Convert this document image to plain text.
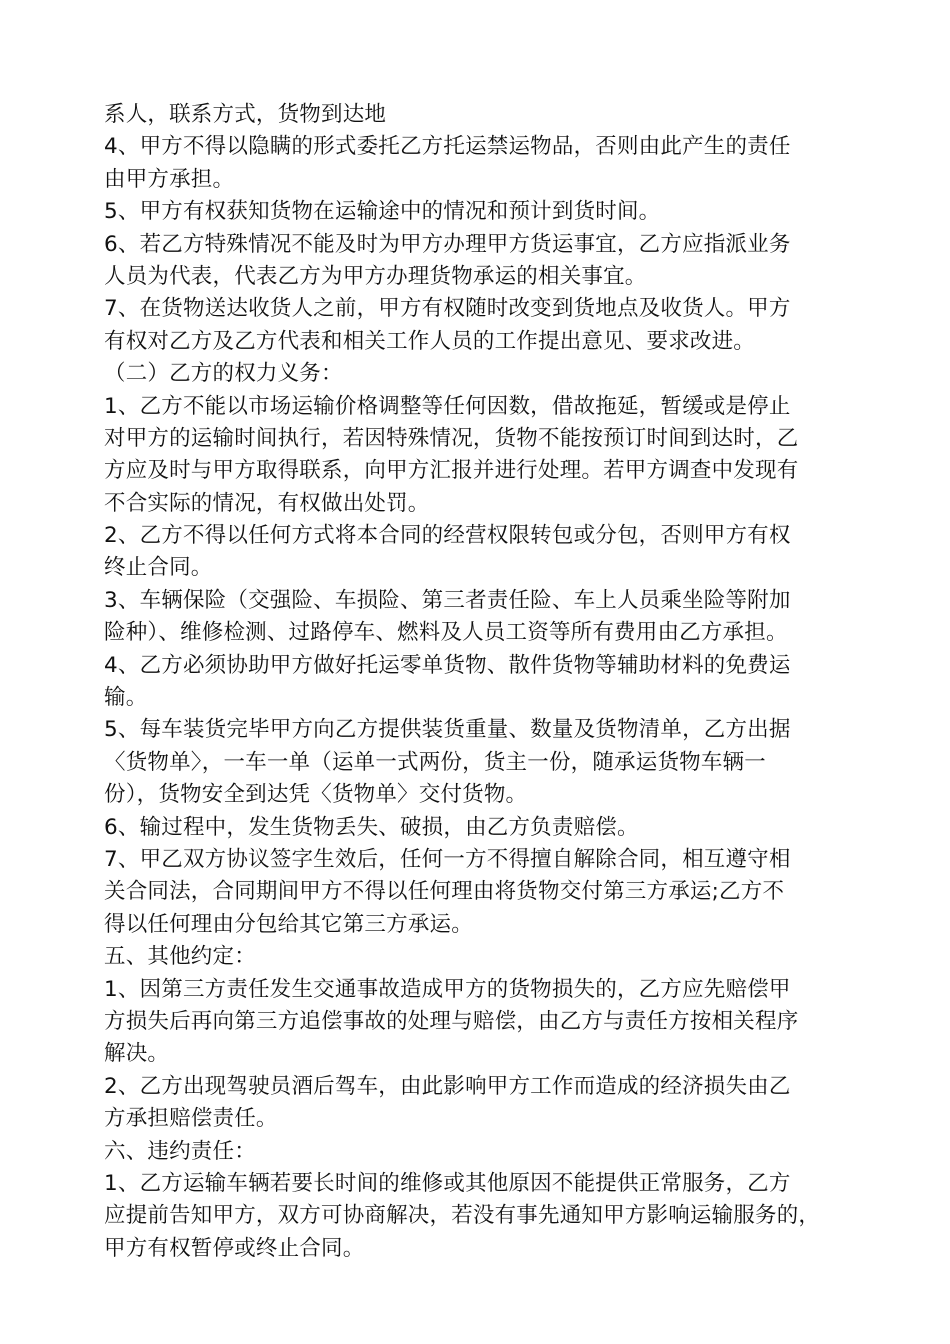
系人，联系方式，货物到达地
4、甲方不得以隐瞒的形式委托乙方托运禁运物品，否则由此产生的责任
由甲方承担。
5、甲方有权获知货物在运输途中的情况和预计到货时间。
6、若乙方特殊情况不能及时为甲方办理甲方货运事宜，乙方应指派业务
人员为代表，代表乙方为甲方办理货物承运的相关事宜。
7、在货物送达收货人之前，甲方有权随时改变到货地点及收货人。甲方
有权对乙方及乙方代表和相关工作人员的工作提出意见、要求改进。
（二）乙方的权力义务：
1、乙方不能以市场运输价格调整等任何因数，借故拖延，暂缓或是停止
对甲方的运输时间执行，若因特殊情况，货物不能按预订时间到达时，乙
方应及时与甲方取得联系，向甲方汇报并进行处理。若甲方调查中发现有
不合实际的情况，有权做出处罚。
2、乙方不得以任何方式将本合同的经营权限转包或分包，否则甲方有权
终止合同。
3、车辆保险（交强险、车损险、第三者责任险、车上人员乘坐险等附加
险种）、维修检测、过路停车、燃料及人员工资等所有费用由乙方承担。
4、乙方必须协助甲方做好托运零单货物、散件货物等辅助材料的免费运
输。
5、每车装货完毕甲方向乙方提供装货重量、数量及货物清单，乙方出据
〈货物单〉，一车一单（运单一式两份，货主一份，随承运货物车辆一
份），货物安全到达凭〈货物单〉交付货物。
6、输过程中，发生货物丢失、破损，由乙方负责赔偿。
7、甲乙双方协议签字生效后，任何一方不得擅自解除合同，相互遵守相
关合同法，合同期间甲方不得以任何理由将货物交付第三方承运;乙方不
得以任何理由分包给其它第三方承运。
五、其他约定：
1、因第三方责任发生交通事故造成甲方的货物损失的，乙方应先赔偿甲
方损失后再向第三方追偿事故的处理与赔偿，由乙方与责任方按相关程序
解决。
2、乙方出现驾驶员酒后驾车，由此影响甲方工作而造成的经济损失由乙
方承担赔偿责任。
六、违约责任：
1、乙方运输车辆若要长时间的维修或其他原因不能提供正常服务，乙方
应提前告知甲方，双方可协商解决，若没有事先通知甲方影响运输服务的，
甲方有权暂停或终止合同。
